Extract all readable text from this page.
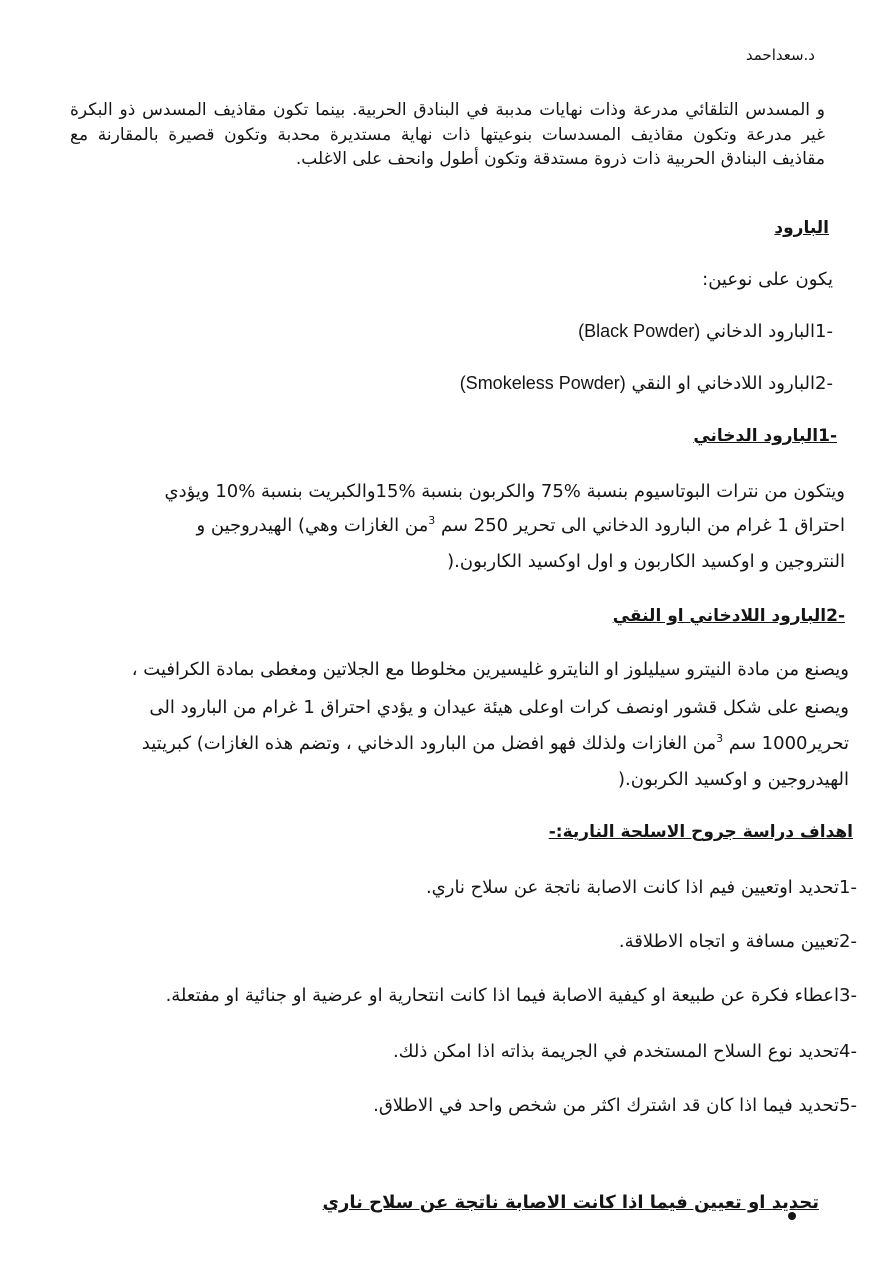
د.سعداحمد
و المسدس التلقائي مدرعة وذات نهايات مدببة في البنادق الحربية. بينما تكون مقاذيف المسدس ذو البكرة غير مدرعة وتكون مقاذيف المسدسات بنوعيتها ذات نهاية مستديرة محدبة وتكون قصيرة بالمقارنة مع مقاذيف البنادق الحربية ذات ذروة مستدقة وتكون أطول وانحف على الاغلب.
البارود
يكون على نوعين:
-1البارود الدخاني (Black Powder)
-2البارود اللادخاني او النقي (Smokeless Powder)
-1البارود الدخاني
ويتكون من نترات البوتاسيوم بنسبة %75 والكربون بنسبة %15والكبريت بنسبة %10 ويؤدي
احتراق 1 غرام من البارود الدخاني الى تحرير 250 سم $^3$من الغازات وهي) الهيدروجين و
النتروجين و اوكسيد الكاربون و اول اوكسيد الكاربون.(
-2البارود اللادخاني او النقي
ويصنع من مادة النيترو سيليلوز او النايترو غليسيرين مخلوطا مع الجلاتين ومغطى بمادة الكرافيت ،
ويصنع على شكل قشور اونصف كرات اوعلى هيئة عيدان و يؤدي احتراق 1 غرام من البارود الى
تحرير1000 سم $^3$من الغازات ولذلك فهو افضل من البارود الدخاني ، وتضم هذه الغازات) كبريتيد
الهيدروجين و اوكسيد الكربون.(
اهداف دراسة جروح الاسلحة النارية:-
-1تحديد اوتعيين فيم اذا كانت الاصابة ناتجة عن سلاح ناري.
-2تعيين مسافة و اتجاه الاطلاقة.
-3اعطاء فكرة عن طبيعة او كيفية الاصابة فيما اذا كانت انتحارية او عرضية او جنائية او مفتعلة.
-4تحديد نوع السلاح المستخدم في الجريمة بذاته اذا امكن ذلك.
-5تحديد فيما اذا كان قد اشترك اكثر من شخص واحد في الاطلاق.
تحديد او تعيين فيما اذا كانت الاصابة ناتجة عن سلاح ناري
